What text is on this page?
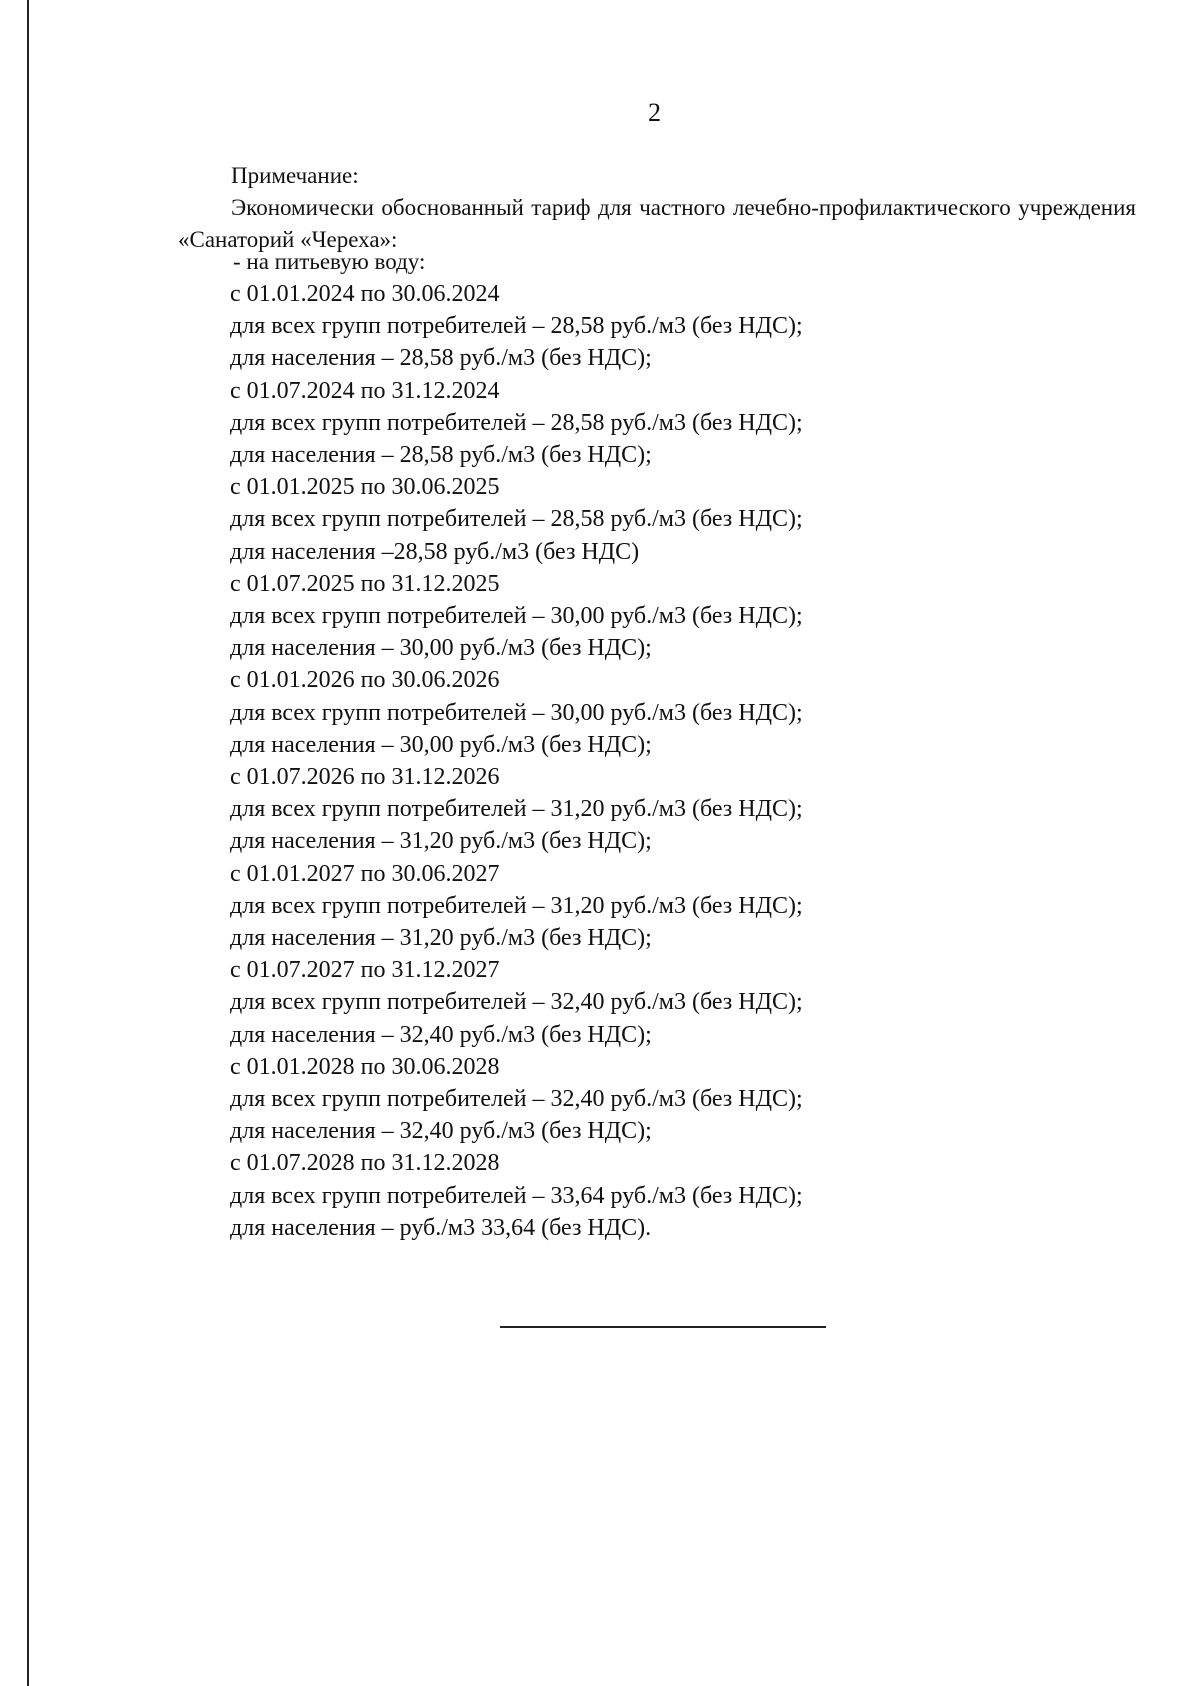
2
Примечание:

Экономически обоснованный тариф для частного лечебно-профилактического учреждения «Санаторий «Череха»:

- на питьевую воду:
с 01.01.2024 по 30.06.2024
для всех групп потребителей – 28,58 руб./м3 (без НДС);
для населения – 28,58 руб./м3 (без НДС);
с 01.07.2024 по 31.12.2024
для всех групп потребителей – 28,58 руб./м3 (без НДС);
для населения – 28,58 руб./м3 (без НДС);
с 01.01.2025 по 30.06.2025
для всех групп потребителей – 28,58 руб./м3 (без НДС);
для населения –28,58 руб./м3 (без НДС)
с 01.07.2025 по 31.12.2025
для всех групп потребителей – 30,00 руб./м3 (без НДС);
для населения – 30,00 руб./м3 (без НДС);
с 01.01.2026 по 30.06.2026
для всех групп потребителей – 30,00 руб./м3 (без НДС);
для населения – 30,00 руб./м3 (без НДС);
с 01.07.2026 по 31.12.2026
для всех групп потребителей – 31,20 руб./м3 (без НДС);
для населения – 31,20 руб./м3 (без НДС);
с 01.01.2027 по 30.06.2027
для всех групп потребителей – 31,20 руб./м3 (без НДС);
для населения – 31,20 руб./м3 (без НДС);
с 01.07.2027 по 31.12.2027
для всех групп потребителей – 32,40 руб./м3 (без НДС);
для населения – 32,40 руб./м3 (без НДС);
с 01.01.2028 по 30.06.2028
для всех групп потребителей – 32,40 руб./м3 (без НДС);
для населения – 32,40 руб./м3 (без НДС);
с 01.07.2028 по 31.12.2028
для всех групп потребителей – 33,64 руб./м3 (без НДС);
для населения – руб./м3 33,64 (без НДС).
